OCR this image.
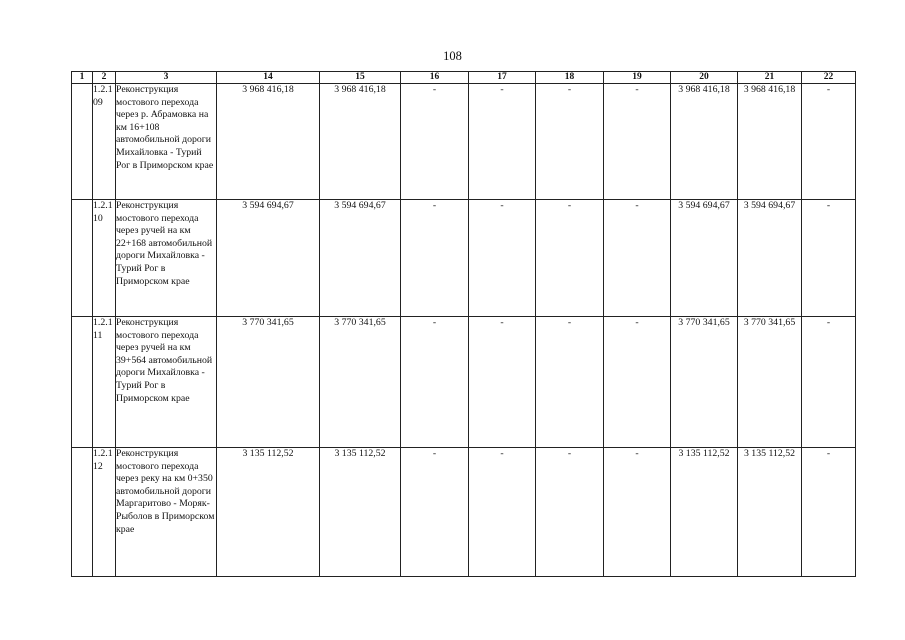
108
1	2	3	14	15	16	17	18	19	20	21	22
	1.2.109	Реконструкция мостового перехода через р. Абрамовка на км 16+108 автомобильной дороги Михайловка - Турий Рог в Приморском крае	3 968 416,18	3 968 416,18	-	-	-	-	3 968 416,18	3 968 416,18	-
	1.2.110	Реконструкция мостового перехода через ручей на км 22+168 автомобильной дороги Михайловка - Турий Рог в Приморском крае	3 594 694,67	3 594 694,67	-	-	-	-	3 594 694,67	3 594 694,67	-
	1.2.111	Реконструкция мостового перехода через ручей на км 39+564 автомобильной дороги Михайловка - Турий Рог в Приморском крае	3 770 341,65	3 770 341,65	-	-	-	-	3 770 341,65	3 770 341,65	-
	1.2.112	Реконструкция мостового перехода через реку на км 0+350 автомобильной дороги Маргаритово - Моряк-Рыболов в Приморском крае	3 135 112,52	3 135 112,52	-	-	-	-	3 135 112,52	3 135 112,52	-
